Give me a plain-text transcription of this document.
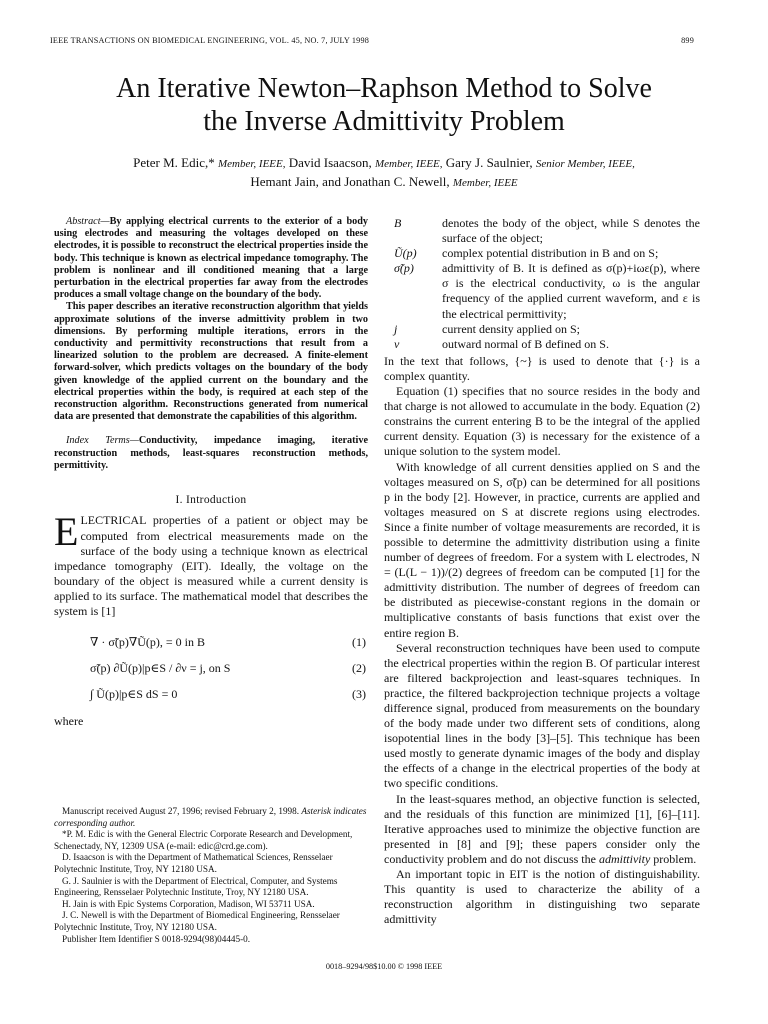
IEEE TRANSACTIONS ON BIOMEDICAL ENGINEERING, VOL. 45, NO. 7, JULY 1998	899
An Iterative Newton–Raphson Method to Solve
the Inverse Admittivity Problem
Peter M. Edic,* Member, IEEE, David Isaacson, Member, IEEE, Gary J. Saulnier, Senior Member, IEEE,
Hemant Jain, and Jonathan C. Newell, Member, IEEE

Abstract—By applying electrical currents to the exterior of a body using electrodes and measuring the voltages developed on these electrodes, it is possible to reconstruct the electrical properties inside the body. This technique is known as electrical impedance tomography. The problem is nonlinear and ill conditioned meaning that a large perturbation in the electrical properties far away from the electrodes produces a small voltage change on the boundary of the body.

This paper describes an iterative reconstruction algorithm that yields approximate solutions of the inverse admittivity problem in two dimensions. By performing multiple iterations, errors in the conductivity and permittivity reconstructions that result from a linearized solution to the problem are decreased. A finite-element forward-solver, which predicts voltages on the boundary of the body given knowledge of the applied current on the boundary and the electrical properties within the body, is required at each step of the reconstruction algorithm. Reconstructions generated from numerical data are presented that demonstrate the capabilities of this algorithm.

Index Terms—Conductivity, impedance imaging, iterative reconstruction methods, least-squares reconstruction methods, permittivity.

I. Introduction

ELECTRICAL properties of a patient or object may be computed from electrical measurements made on the surface of the body using a technique known as electrical impedance tomography (EIT). Ideally, the voltage on the boundary of the object is measured while a current density is applied to its surface. The mathematical model that describes the system is [1]

∇ · σ̃(p)∇Ũ(p), = 0 in B	(1)
σ̃(p) ∂Ũ(p)|p∈S / ∂ν = j, on S	(2)
∫ Ũ(p)|p∈S dS = 0	(3)
where

Manuscript received August 27, 1996; revised February 2, 1998. Asterisk indicates corresponding author.

*P. M. Edic is with the General Electric Corporate Research and Development, Schenectady, NY, 12309 USA (e-mail: edic@crd.ge.com).

D. Isaacson is with the Department of Mathematical Sciences, Rensselaer Polytechnic Institute, Troy, NY 12180 USA.

G. J. Saulnier is with the Department of Electrical, Computer, and Systems Engineering, Rensselaer Polytechnic Institute, Troy, NY 12180 USA.

H. Jain is with Epic Systems Corporation, Madison, WI 53711 USA.

J. C. Newell is with the Department of Biomedical Engineering, Rensselaer Polytechnic Institute, Troy, NY 12180 USA.

Publisher Item Identifier S 0018-9294(98)04445-0.

B	denotes the body of the object, while S denotes the surface of the object;
Ũ(p)	complex potential distribution in B and on S;
σ̃(p)	admittivity of B. It is defined as σ(p)+iωε(p), where σ is the electrical conductivity, ω is the angular frequency of the applied current waveform, and ε is the electrical permittivity;
j	current density applied on S;
ν	outward normal of B defined on S.

In the text that follows, {~} is used to denote that {·} is a complex quantity.

Equation (1) specifies that no source resides in the body and that charge is not allowed to accumulate in the body. Equation (2) constrains the current entering B to be the integral of the applied current density. Equation (3) is necessary for the existence of a unique solution to the system model.

With knowledge of all current densities applied on S and the voltages measured on S, σ̃(p) can be determined for all positions p in the body [2]. However, in practice, currents are applied and voltages measured on S at discrete regions using electrodes. Since a finite number of voltage measurements are recorded, it is possible to determine the admittivity distribution using a finite number of degrees of freedom. For a system with L electrodes, N = (L(L − 1))/(2) degrees of freedom can be computed [1] for the admittivity distribution. The number of degrees of freedom can be distributed as piecewise-constant regions in the domain or multiplicative constants of basis functions that exist over the entire region B.

Several reconstruction techniques have been used to compute the electrical properties within the region B. Of particular interest are filtered backprojection and least-squares techniques. In practice, the filtered backprojection technique projects a voltage difference signal, produced from measurements on the boundary of the body made under two different sets of conditions, along isopotential lines in the body [3]–[5]. This technique has been used mostly to generate dynamic images of the body and display the effects of a change in the electrical properties of the body at two specific conditions.

In the least-squares method, an objective function is selected, and the residuals of this function are minimized [1], [6]–[11]. Iterative approaches used to minimize the objective function are presented in [8] and [9]; these papers consider only the conductivity problem and do not discuss the admittivity problem.

An important topic in EIT is the notion of distinguishability. This quantity is used to characterize the ability of a reconstruction algorithm in distinguishing two separate admittivity

0018–9294/98$10.00 © 1998 IEEE
